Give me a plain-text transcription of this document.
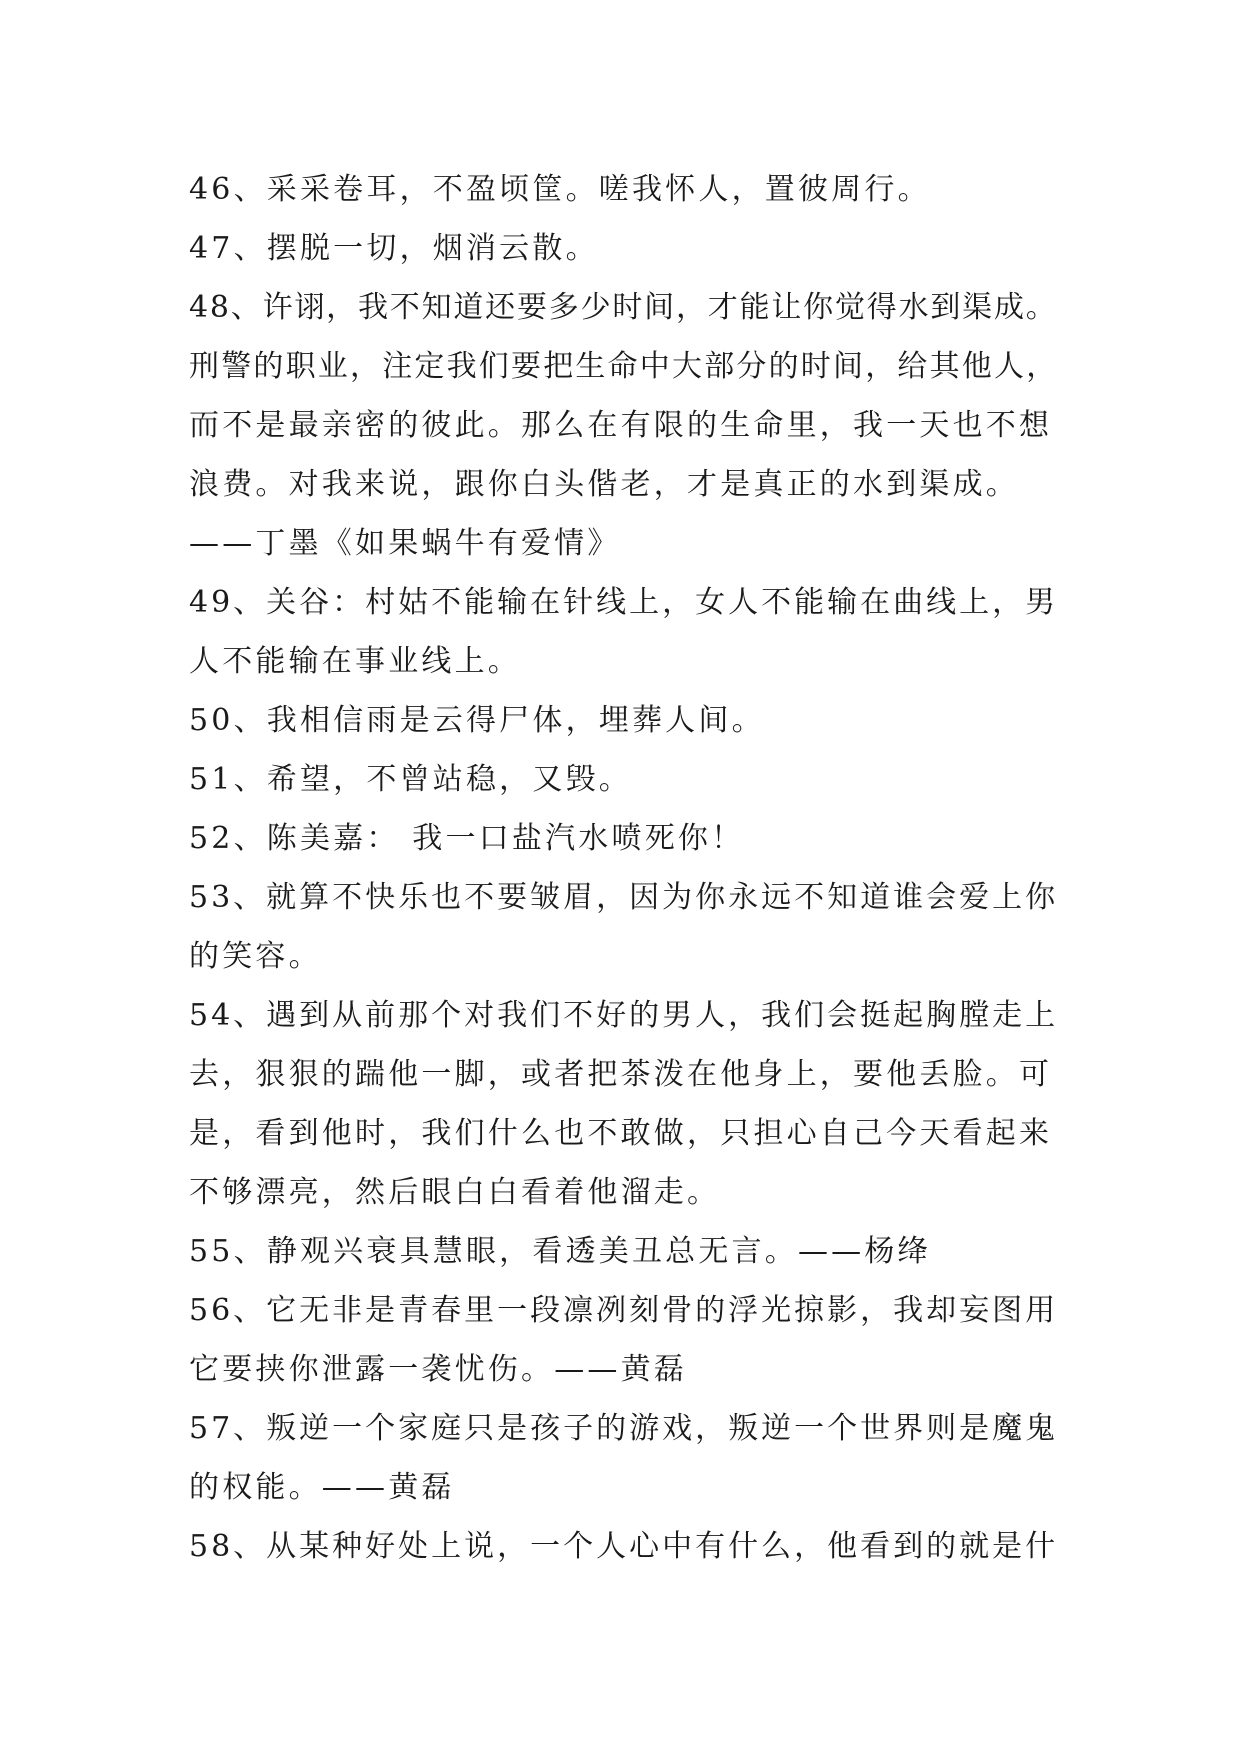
46、采采卷耳，不盈顷筐。嗟我怀人，置彼周行。
47、摆脱一切，烟消云散。
48、许诩，我不知道还要多少时间，才能让你觉得水到渠成。
刑警的职业，注定我们要把生命中大部分的时间，给其他人，
而不是最亲密的彼此。那么在有限的生命里，我一天也不想
浪费。对我来说，跟你白头偕老，才是真正的水到渠成。
——丁墨《如果蜗牛有爱情》
49、关谷：村姑不能输在针线上，女人不能输在曲线上，男
人不能输在事业线上。
50、我相信雨是云得尸体，埋葬人间。
51、希望，不曾站稳，又毁。
52、陈美嘉： 我一口盐汽水喷死你！
53、就算不快乐也不要皱眉，因为你永远不知道谁会爱上你
的笑容。
54、遇到从前那个对我们不好的男人，我们会挺起胸膛走上
去，狠狠的踹他一脚，或者把茶泼在他身上，要他丢脸。可
是，看到他时，我们什么也不敢做，只担心自己今天看起来
不够漂亮，然后眼白白看着他溜走。
55、静观兴衰具慧眼，看透美丑总无言。——杨绛
56、它无非是青春里一段凛冽刻骨的浮光掠影，我却妄图用
它要挟你泄露一袭忧伤。——黄磊
57、叛逆一个家庭只是孩子的游戏，叛逆一个世界则是魔鬼
的权能。——黄磊
58、从某种好处上说，一个人心中有什么，他看到的就是什
